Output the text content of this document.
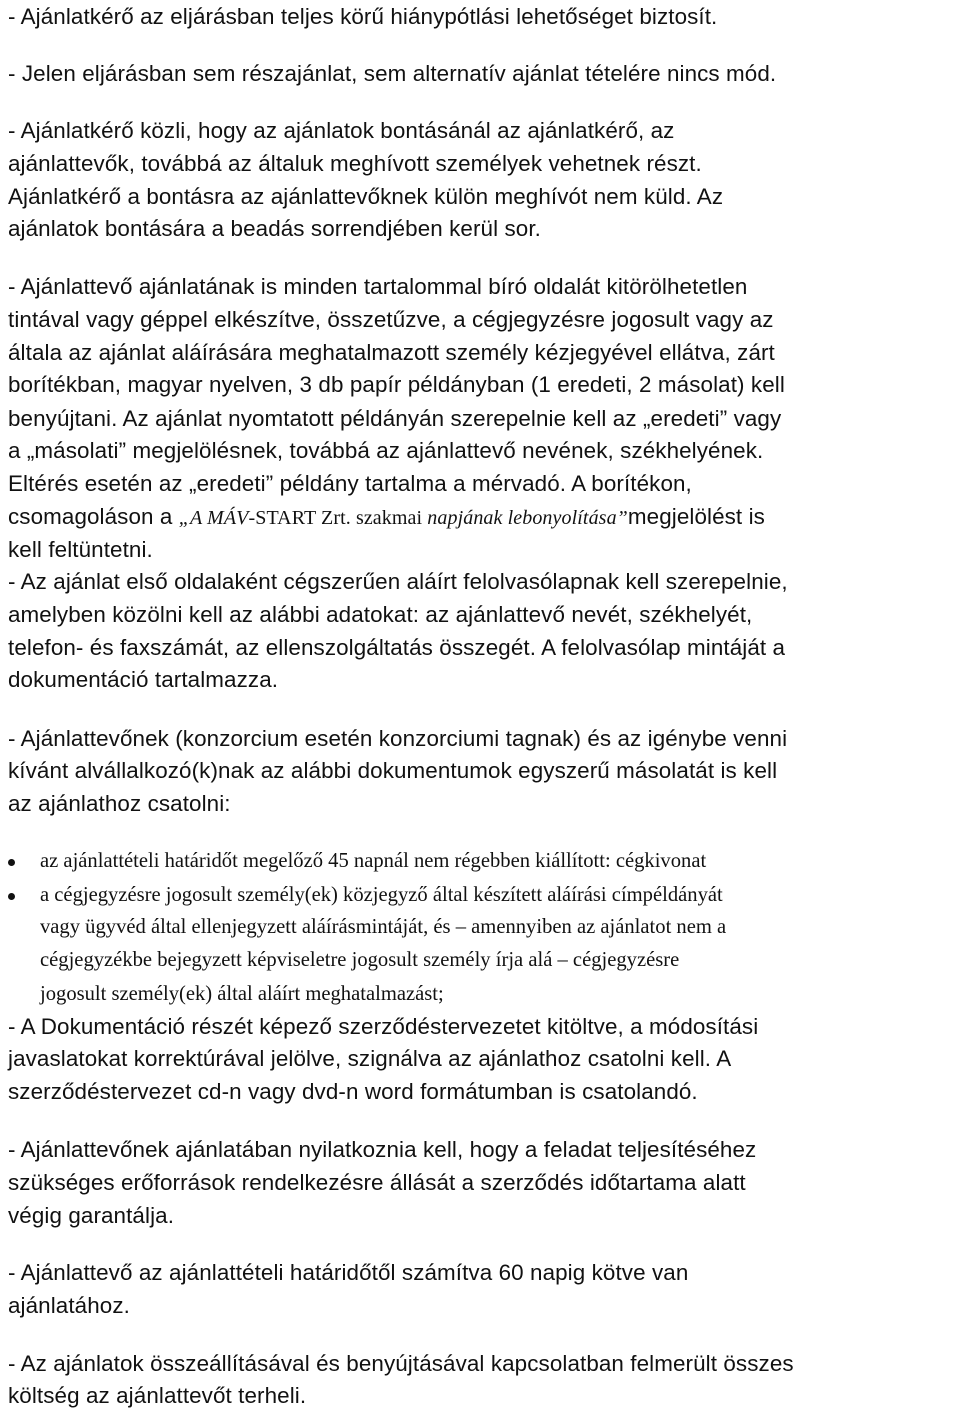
- Ajánlatkérő az eljárásban teljes körű hiánypótlási lehetőséget biztosít.
- Jelen eljárásban sem részajánlat, sem alternatív ajánlat tételére nincs mód.
- Ajánlatkérő közli, hogy az ajánlatok bontásánál az ajánlatkérő, az
ajánlattevők, továbbá az általuk meghívott személyek vehetnek részt.
Ajánlatkérő a bontásra az ajánlattevőknek külön meghívót nem küld. Az
ajánlatok bontására a beadás sorrendjében kerül sor.
- Ajánlattevő ajánlatának is minden tartalommal bíró oldalát kitörölhetetlen
tintával vagy géppel elkészítve, összetűzve, a cégjegyzésre jogosult vagy az
általa az ajánlat aláírására meghatalmazott személy kézjegyével ellátva, zárt
borítékban, magyar nyelven, 3 db papír példányban (1 eredeti, 2 másolat) kell
benyújtani. Az ajánlat nyomtatott példányán szerepelnie kell az „eredeti” vagy
a „másolati” megjelölésnek, továbbá az ajánlattevő nevének, székhelyének.
Eltérés esetén az „eredeti” példány tartalma a mérvadó. A borítékon,
csomagoláson a „A MÁV-START Zrt. szakmai napjának lebonyolítása”megjelölést is
kell feltüntetni.
- Az ajánlat első oldalaként cégszerűen aláírt felolvasólapnak kell szerepelnie,
amelyben közölni kell az alábbi adatokat: az ajánlattevő nevét, székhelyét,
telefon- és faxszámát, az ellenszolgáltatás összegét. A felolvasólap mintáját a
dokumentáció tartalmazza.
- Ajánlattevőnek (konzorcium esetén konzorciumi tagnak) és az igénybe venni
kívánt alvállalkozó(k)nak az alábbi dokumentumok egyszerű másolatát is kell
az ajánlathoz csatolni:
az ajánlattételi határidőt megelőző 45 napnál nem régebben kiállított: cégkivonat
a cégjegyzésre jogosult személy(ek) közjegyző által készített aláírási címpéldányát
vagy ügyvéd által ellenjegyzett aláírásmintáját, és – amennyiben az ajánlatot nem a
cégjegyzékbe bejegyzett képviseletre jogosult személy írja alá – cégjegyzésre
jogosult személy(ek) által aláírt meghatalmazást;
- A Dokumentáció részét képező szerződéstervezetet kitöltve, a módosítási
javaslatokat korrektúrával jelölve, szignálva az ajánlathoz csatolni kell. A
szerződéstervezet cd-n vagy dvd-n word formátumban is csatolandó.
- Ajánlattevőnek ajánlatában nyilatkoznia kell, hogy a feladat teljesítéséhez
szükséges erőforrások rendelkezésre állását a szerződés időtartama alatt
végig garantálja.
- Ajánlattevő az ajánlattételi határidőtől számítva 60 napig kötve van
ajánlatához.
- Az ajánlatok összeállításával és benyújtásával kapcsolatban felmerült összes
költség az ajánlattevőt terheli.
